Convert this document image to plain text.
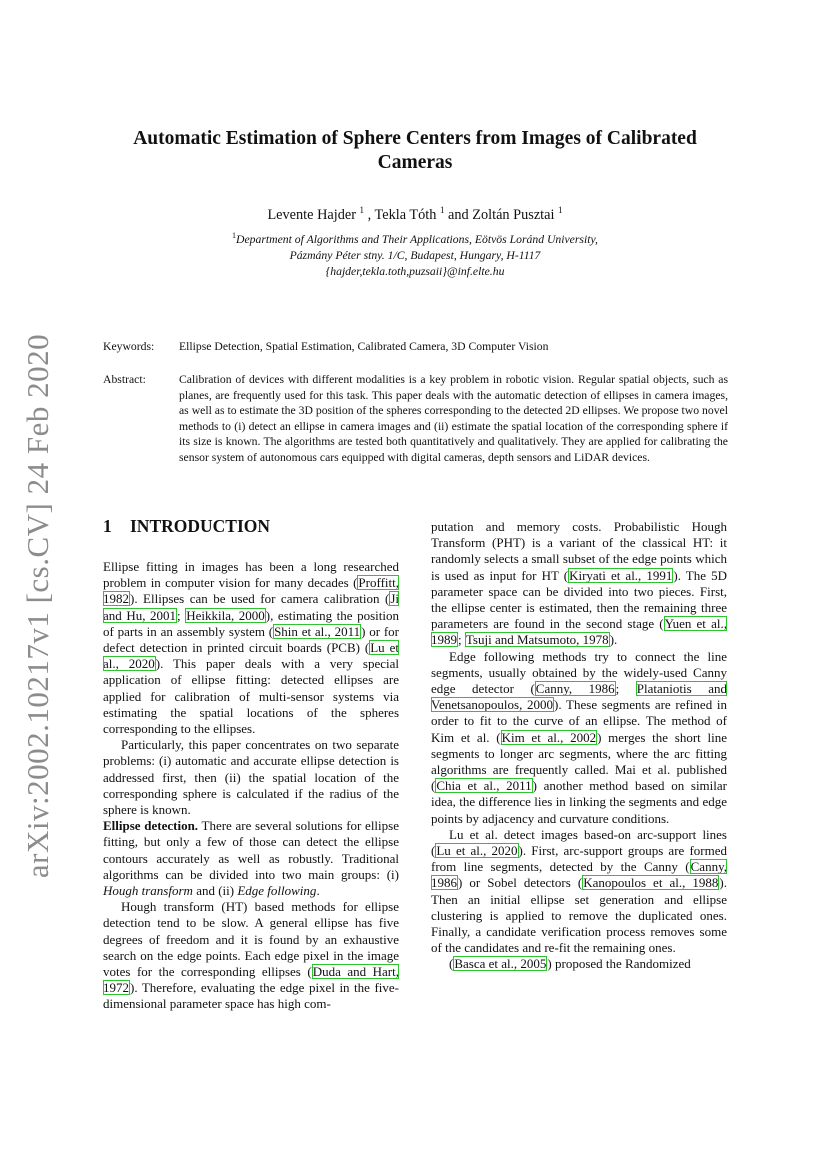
arXiv:2002.10217v1 [cs.CV] 24 Feb 2020
Automatic Estimation of Sphere Centers from Images of Calibrated
Cameras
Levente Hajder $^1$ , Tekla Tóth $^1$ and Zoltán Pusztai $^1$
$^1$Department of Algorithms and Their Applications, Eötvös Loránd University,
Pázmány Péter stny. 1/C, Budapest, Hungary, H-1117
{hajder,tekla.toth,puzsaii}@inf.elte.hu
Keywords: Ellipse Detection, Spatial Estimation, Calibrated Camera, 3D Computer Vision
Abstract:	Calibration of devices with different modalities is a key problem in robotic vision. Regular spatial objects, such as planes, are frequently used for this task. This paper deals with the automatic detection of ellipses in camera images, as well as to estimate the 3D position of the spheres corresponding to the detected 2D ellipses. We propose two novel methods to (i) detect an ellipse in camera images and (ii) estimate the spatial location of the corresponding sphere if its size is known. The algorithms are tested both quantitatively and qualitatively. They are applied for calibrating the sensor system of autonomous cars equipped with digital cameras, depth sensors and LiDAR devices.
1 INTRODUCTION

Ellipse fitting in images has been a long researched problem in computer vision for many decades (Proffitt, 1982). Ellipses can be used for camera calibration (Ji and Hu, 2001; Heikkila, 2000), estimating the position of parts in an assembly system (Shin et al., 2011) or for defect detection in printed circuit boards (PCB) (Lu et al., 2020). This paper deals with a very special application of ellipse fitting: detected ellipses are applied for calibration of multi-sensor systems via estimating the spatial locations of the spheres corresponding to the ellipses.

Particularly, this paper concentrates on two separate problems: (i) automatic and accurate ellipse detection is addressed first, then (ii) the spatial location of the corresponding sphere is calculated if the radius of the sphere is known.

Ellipse detection. There are several solutions for ellipse fitting, but only a few of those can detect the ellipse contours accurately as well as robustly. Traditional algorithms can be divided into two main groups: (i) Hough transform and (ii) Edge following.

Hough transform (HT) based methods for ellipse detection tend to be slow. A general ellipse has five degrees of freedom and it is found by an exhaustive search on the edge points. Each edge pixel in the image votes for the corresponding ellipses (Duda and Hart, 1972). Therefore, evaluating the edge pixel in the five-dimensional parameter space has high com-

putation and memory costs. Probabilistic Hough Transform (PHT) is a variant of the classical HT: it randomly selects a small subset of the edge points which is used as input for HT (Kiryati et al., 1991). The 5D parameter space can be divided into two pieces. First, the ellipse center is estimated, then the remaining three parameters are found in the second stage (Yuen et al., 1989; Tsuji and Matsumoto, 1978).

Edge following methods try to connect the line segments, usually obtained by the widely-used Canny edge detector (Canny, 1986; Plataniotis and Venetsanopoulos, 2000). These segments are refined in order to fit to the curve of an ellipse. The method of Kim et al. (Kim et al., 2002) merges the short line segments to longer arc segments, where the arc fitting algorithms are frequently called. Mai et al. published (Chia et al., 2011) another method based on similar idea, the difference lies in linking the segments and edge points by adjacency and curvature conditions.

Lu et al. detect images based-on arc-support lines (Lu et al., 2020). First, arc-support groups are formed from line segments, detected by the Canny (Canny, 1986) or Sobel detectors (Kanopoulos et al., 1988). Then an initial ellipse set generation and ellipse clustering is applied to remove the duplicated ones. Finally, a candidate verification process removes some of the candidates and re-fit the remaining ones.

(Basca et al., 2005) proposed the Randomized
